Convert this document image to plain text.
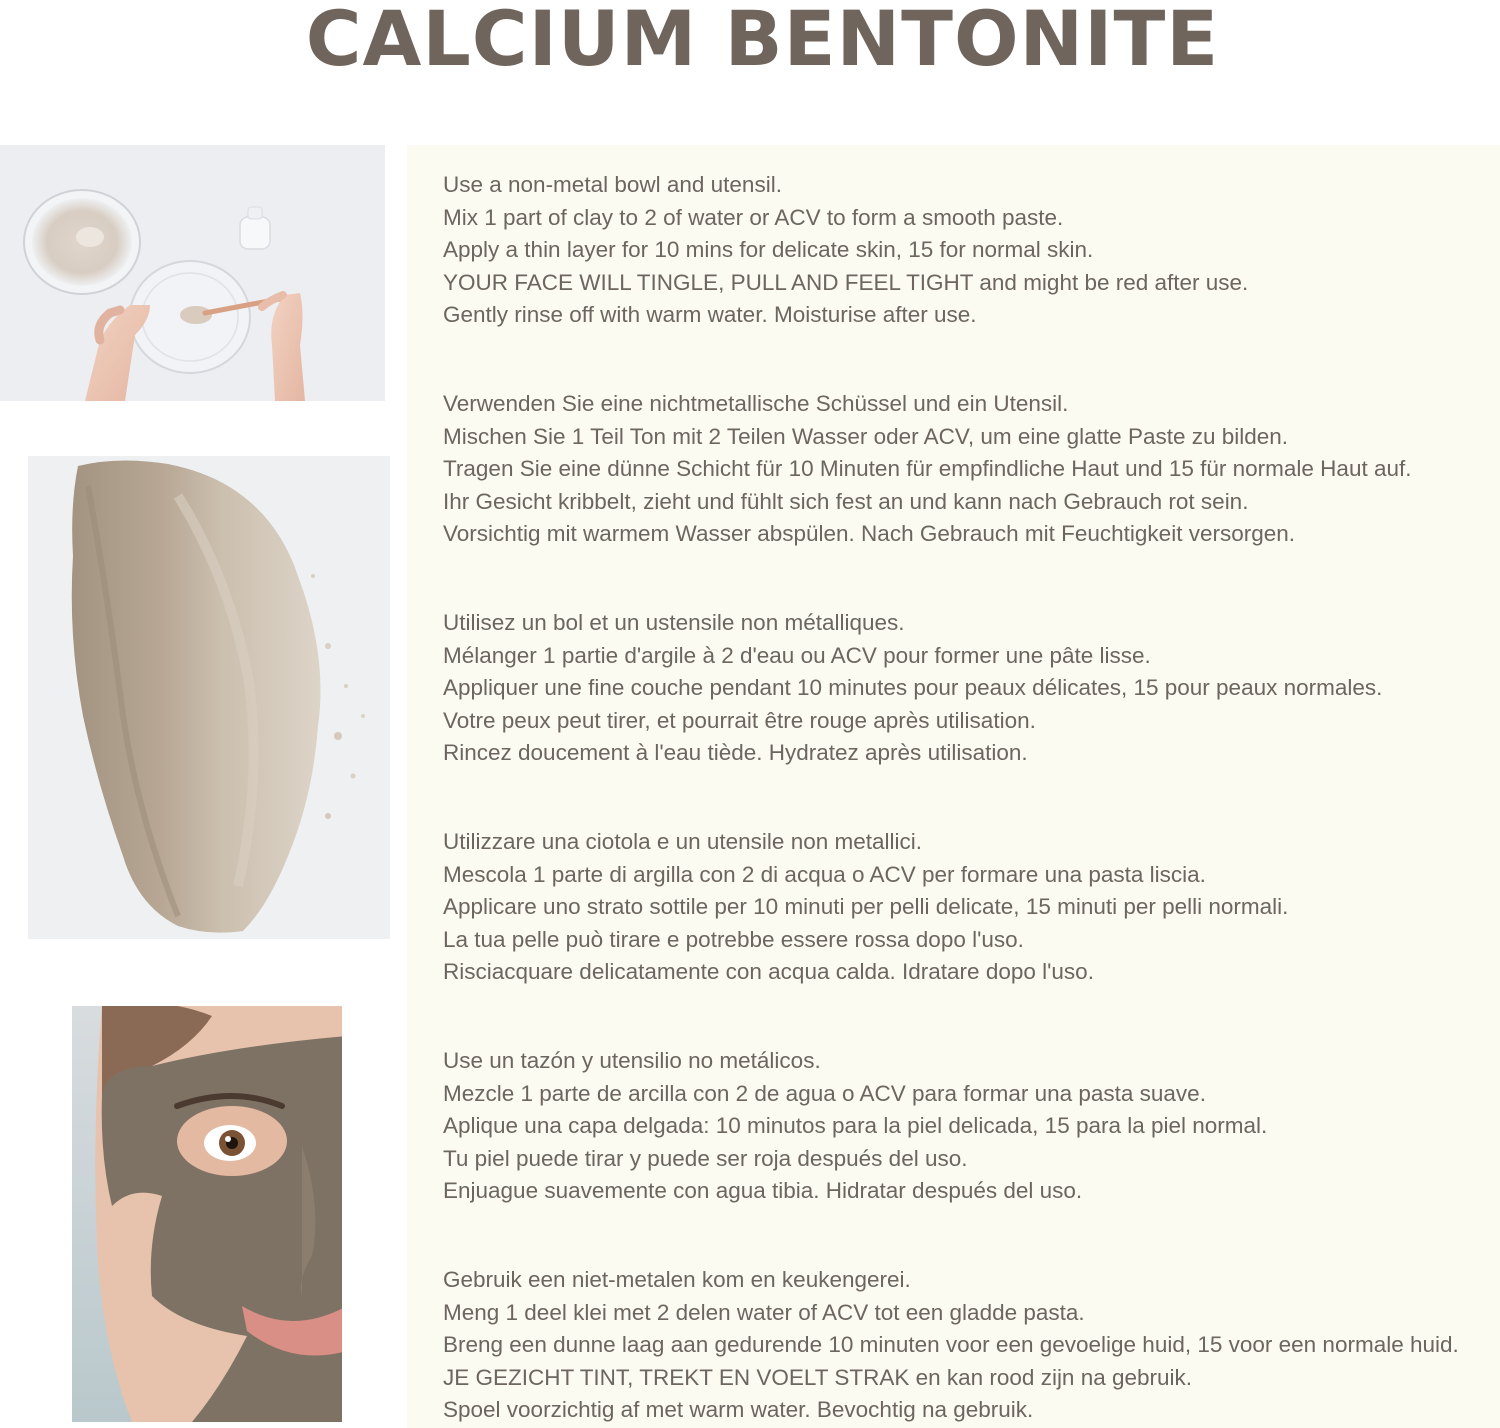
CALCIUM BENTONITE
Use a non-metal bowl and utensil.
Mix 1 part of clay to 2 of water or ACV to form a smooth paste.
Apply a thin layer for 10 mins for delicate skin, 15 for normal skin.
YOUR FACE WILL TINGLE, PULL AND FEEL TIGHT and might be red after use.
Gently rinse off with warm water. Moisturise after use.
Verwenden Sie eine nichtmetallische Schüssel und ein Utensil.
Mischen Sie 1 Teil Ton mit 2 Teilen Wasser oder ACV, um eine glatte Paste zu bilden.
Tragen Sie eine dünne Schicht für 10 Minuten für empfindliche Haut und 15 für normale Haut auf.
Ihr Gesicht kribbelt, zieht und fühlt sich fest an und kann nach Gebrauch rot sein.
Vorsichtig mit warmem Wasser abspülen. Nach Gebrauch mit Feuchtigkeit versorgen.
Utilisez un bol et un ustensile non métalliques.
Mélanger 1 partie d'argile à 2 d'eau ou ACV pour former une pâte lisse.
Appliquer une fine couche pendant 10 minutes pour peaux délicates, 15 pour peaux normales.
Votre peux peut tirer, et pourrait être rouge après utilisation.
Rincez doucement à l'eau tiède. Hydratez après utilisation.
Utilizzare una ciotola e un utensile non metallici.
Mescola 1 parte di argilla con 2 di acqua o ACV per formare una pasta liscia.
Applicare uno strato sottile per 10 minuti per pelli delicate, 15 minuti per pelli normali.
La tua pelle può tirare e potrebbe essere rossa dopo l'uso.
Risciacquare delicatamente con acqua calda. Idratare dopo l'uso.
Use un tazón y utensilio no metálicos.
Mezcle 1 parte de arcilla con 2 de agua o ACV para formar una pasta suave.
Aplique una capa delgada: 10 minutos para la piel delicada, 15 para la piel normal.
Tu piel puede tirar y puede ser roja después del uso.
Enjuague suavemente con agua tibia. Hidratar después del uso.
Gebruik een niet-metalen kom en keukengerei.
Meng 1 deel klei met 2 delen water of ACV tot een gladde pasta.
Breng een dunne laag aan gedurende 10 minuten voor een gevoelige huid, 15 voor een normale huid.
JE GEZICHT TINT, TREKT EN VOELT STRAK en kan rood zijn na gebruik.
Spoel voorzichtig af met warm water. Bevochtig na gebruik.
